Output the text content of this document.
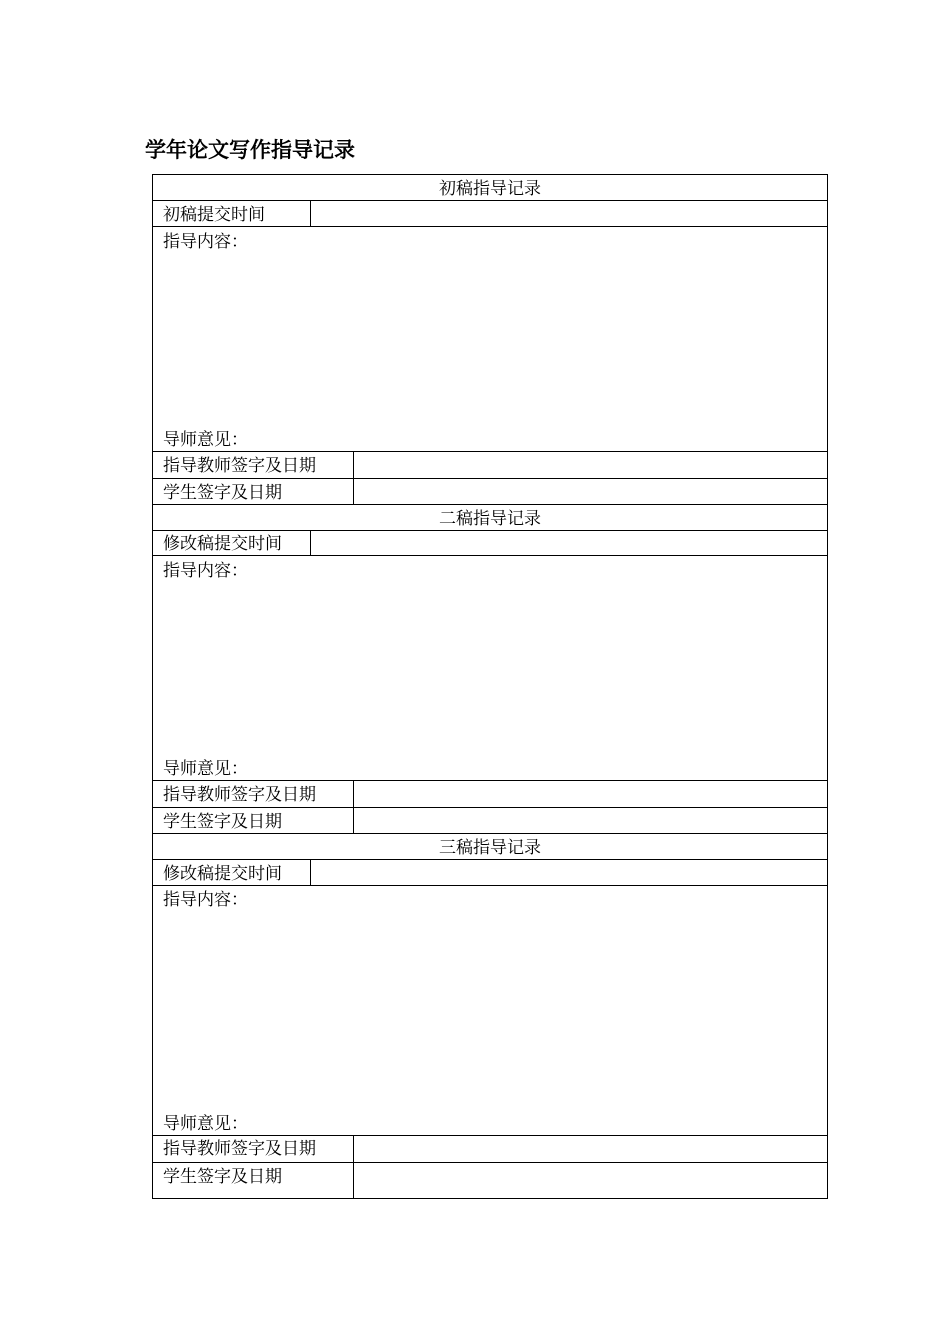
学年论文写作指导记录
初稿指导记录
初稿提交时间
指导内容：
导师意见：
指导教师签字及日期
学生签字及日期
二稿指导记录
修改稿提交时间
指导内容：
导师意见：
指导教师签字及日期
学生签字及日期
三稿指导记录
修改稿提交时间
指导内容：
导师意见：
指导教师签字及日期
学生签字及日期
